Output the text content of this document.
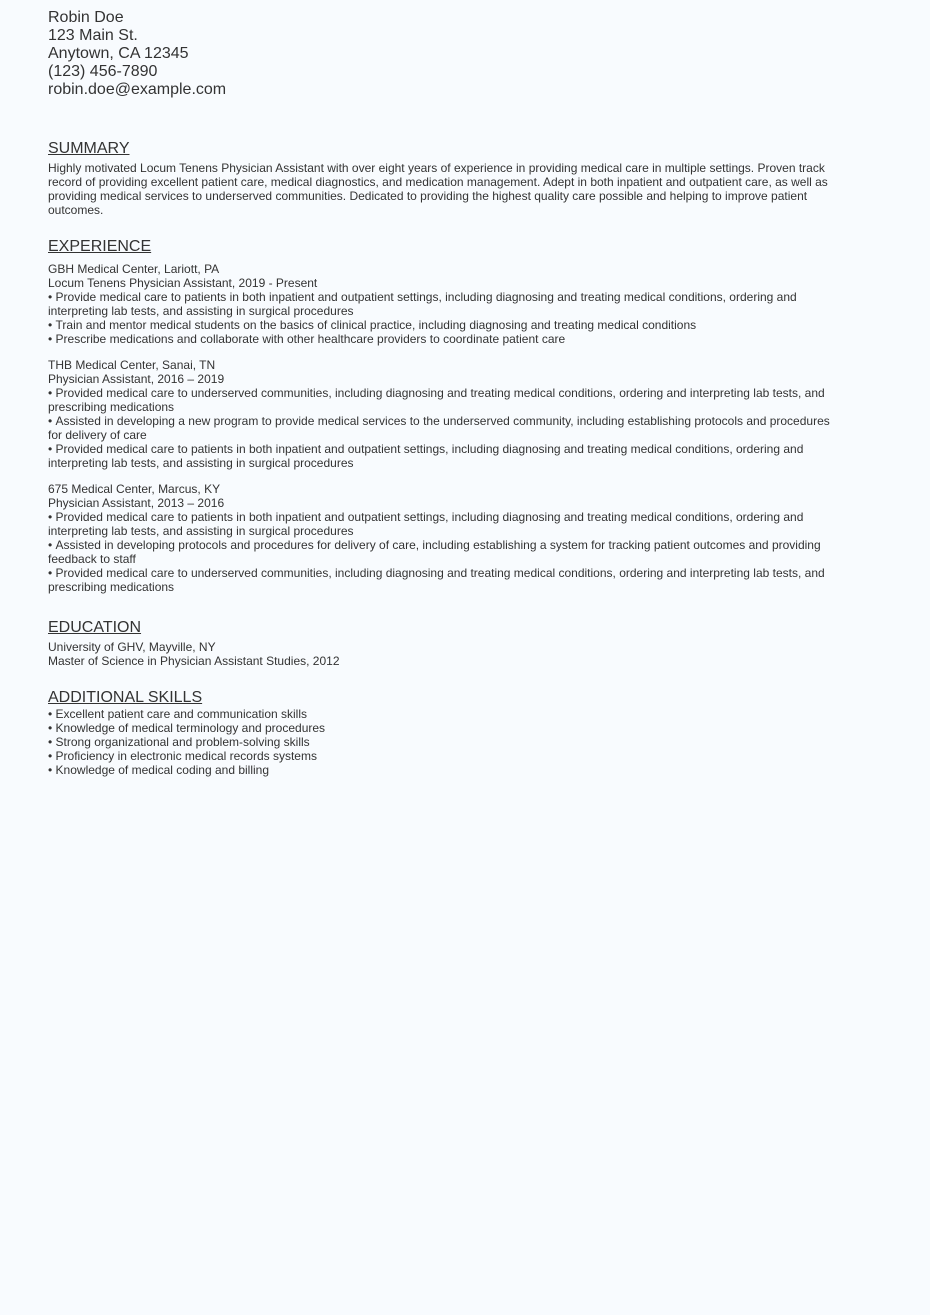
Robin Doe
123 Main St.
Anytown, CA 12345
(123) 456-7890
robin.doe@example.com
SUMMARY
Highly motivated Locum Tenens Physician Assistant with over eight years of experience in providing medical care in multiple settings. Proven track record of providing excellent patient care, medical diagnostics, and medication management. Adept in both inpatient and outpatient care, as well as providing medical services to underserved communities. Dedicated to providing the highest quality care possible and helping to improve patient outcomes.
EXPERIENCE
GBH Medical Center, Lariott, PA
Locum Tenens Physician Assistant, 2019 - Present
• Provide medical care to patients in both inpatient and outpatient settings, including diagnosing and treating medical conditions, ordering and interpreting lab tests, and assisting in surgical procedures
• Train and mentor medical students on the basics of clinical practice, including diagnosing and treating medical conditions
• Prescribe medications and collaborate with other healthcare providers to coordinate patient care
THB Medical Center, Sanai, TN
Physician Assistant, 2016 – 2019
• Provided medical care to underserved communities, including diagnosing and treating medical conditions, ordering and interpreting lab tests, and prescribing medications
• Assisted in developing a new program to provide medical services to the underserved community, including establishing protocols and procedures for delivery of care
• Provided medical care to patients in both inpatient and outpatient settings, including diagnosing and treating medical conditions, ordering and interpreting lab tests, and assisting in surgical procedures
675 Medical Center, Marcus, KY
Physician Assistant, 2013 – 2016
• Provided medical care to patients in both inpatient and outpatient settings, including diagnosing and treating medical conditions, ordering and interpreting lab tests, and assisting in surgical procedures
• Assisted in developing protocols and procedures for delivery of care, including establishing a system for tracking patient outcomes and providing feedback to staff
• Provided medical care to underserved communities, including diagnosing and treating medical conditions, ordering and interpreting lab tests, and prescribing medications
EDUCATION
University of GHV, Mayville, NY
Master of Science in Physician Assistant Studies, 2012
ADDITIONAL SKILLS
• Excellent patient care and communication skills
• Knowledge of medical terminology and procedures
• Strong organizational and problem-solving skills
• Proficiency in electronic medical records systems
• Knowledge of medical coding and billing
